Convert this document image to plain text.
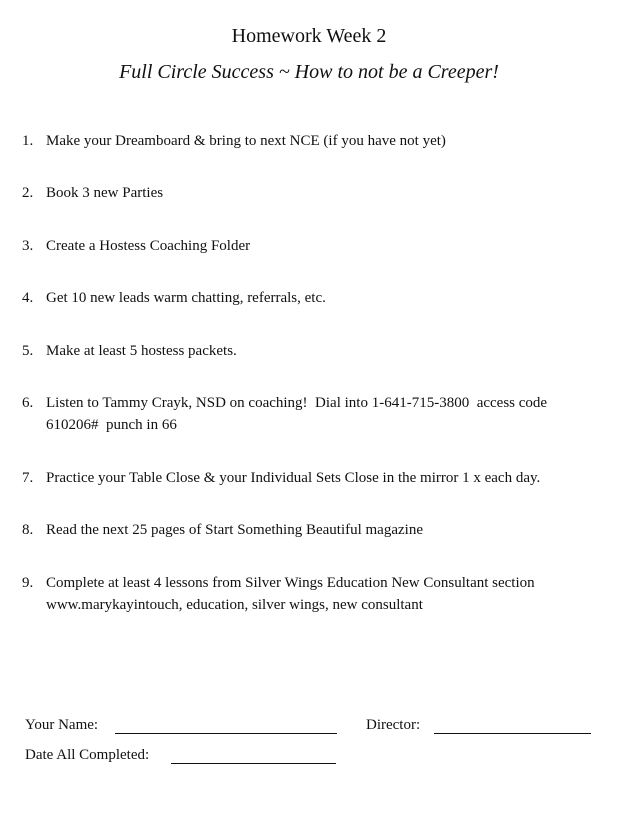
Homework Week 2
Full Circle Success ~ How to not be a Creeper!
1. Make your Dreamboard & bring to next NCE (if you have not yet)
2. Book 3 new Parties
3. Create a Hostess Coaching Folder
4. Get 10 new leads warm chatting, referrals, etc.
5. Make at least 5 hostess packets.
6. Listen to Tammy Crayk, NSD on coaching!  Dial into 1-641-715-3800  access code
610206#  punch in 66
7. Practice your Table Close & your Individual Sets Close in the mirror 1 x each day.
8. Read the next 25 pages of Start Something Beautiful magazine
9. Complete at least 4 lessons from Silver Wings Education New Consultant section
www.marykayintouch, education, silver wings, new consultant
Your Name:	Director:
Date All Completed:
